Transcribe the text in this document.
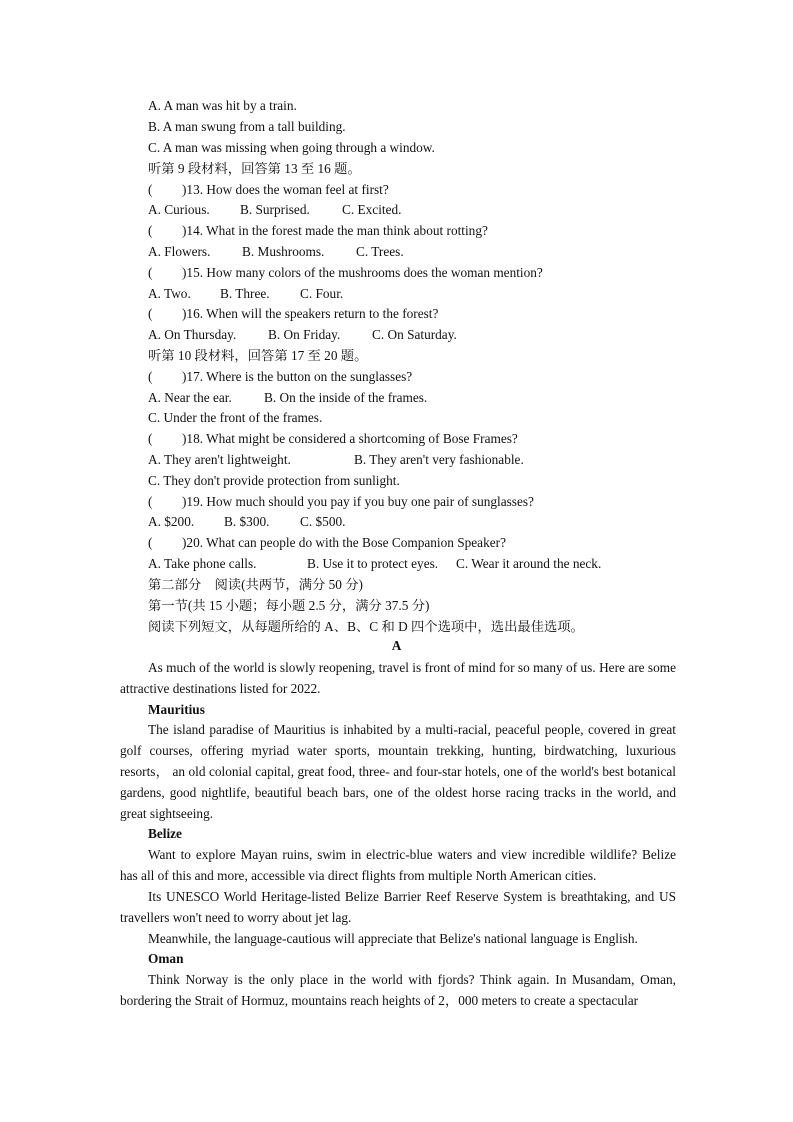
A. A man was hit by a train.
B. A man swung from a tall building.
C. A man was missing when going through a window.
听第 9 段材料，回答第 13 至 16 题。
( )13. How does the woman feel at first?
A. Curious. B. Surprised. C. Excited.
( )14. What in the forest made the man think about rotting?
A. Flowers. B. Mushrooms. C. Trees.
( )15. How many colors of the mushrooms does the woman mention?
A. Two. B. Three. C. Four.
( )16. When will the speakers return to the forest?
A. On Thursday. B. On Friday. C. On Saturday.
听第 10 段材料，回答第 17 至 20 题。
( )17. Where is the button on the sunglasses?
A. Near the ear. B. On the inside of the frames.
C. Under the front of the frames.
( )18. What might be considered a shortcoming of Bose Frames?
A. They aren't lightweight.	B. They aren't very fashionable.
C. They don't provide protection from sunlight.
( )19. How much should you pay if you buy one pair of sunglasses?
A. $200. B. $300. C. $500.
( )20. What can people do with the Bose Companion Speaker?
A. Take phone calls.	B. Use it to protect eyes. C. Wear it around the neck.
第二部分　阅读(共两节，满分 50 分)
第一节(共 15 小题；每小题 2.5 分，满分 37.5 分)
阅读下列短文，从每题所给的 A、B、C 和 D 四个选项中，选出最佳选项。
A
As much of the world is slowly reopening, travel is front of mind for so many of us. Here are some attractive destinations listed for 2022.
Mauritius
The island paradise of Mauritius is inhabited by a multi-racial, peaceful people, covered in great golf courses, offering myriad water sports, mountain trekking, hunting, birdwatching, luxurious resorts， an old colonial capital, great food, three- and four-star hotels, one of the world's best botanical gardens, good nightlife, beautiful beach bars, one of the oldest horse racing tracks in the world, and great sightseeing.
Belize
Want to explore Mayan ruins, swim in electric-blue waters and view incredible wildlife? Belize has all of this and more, accessible via direct flights from multiple North American cities.
Its UNESCO World Heritage-listed Belize Barrier Reef Reserve System is breathtaking, and US travellers won't need to worry about jet lag.
Meanwhile, the language-cautious will appreciate that Belize's national language is English.
Oman
Think Norway is the only place in the world with fjords? Think again. In Musandam, Oman, bordering the Strait of Hormuz, mountains reach heights of 2，000 meters to create a spectacular
